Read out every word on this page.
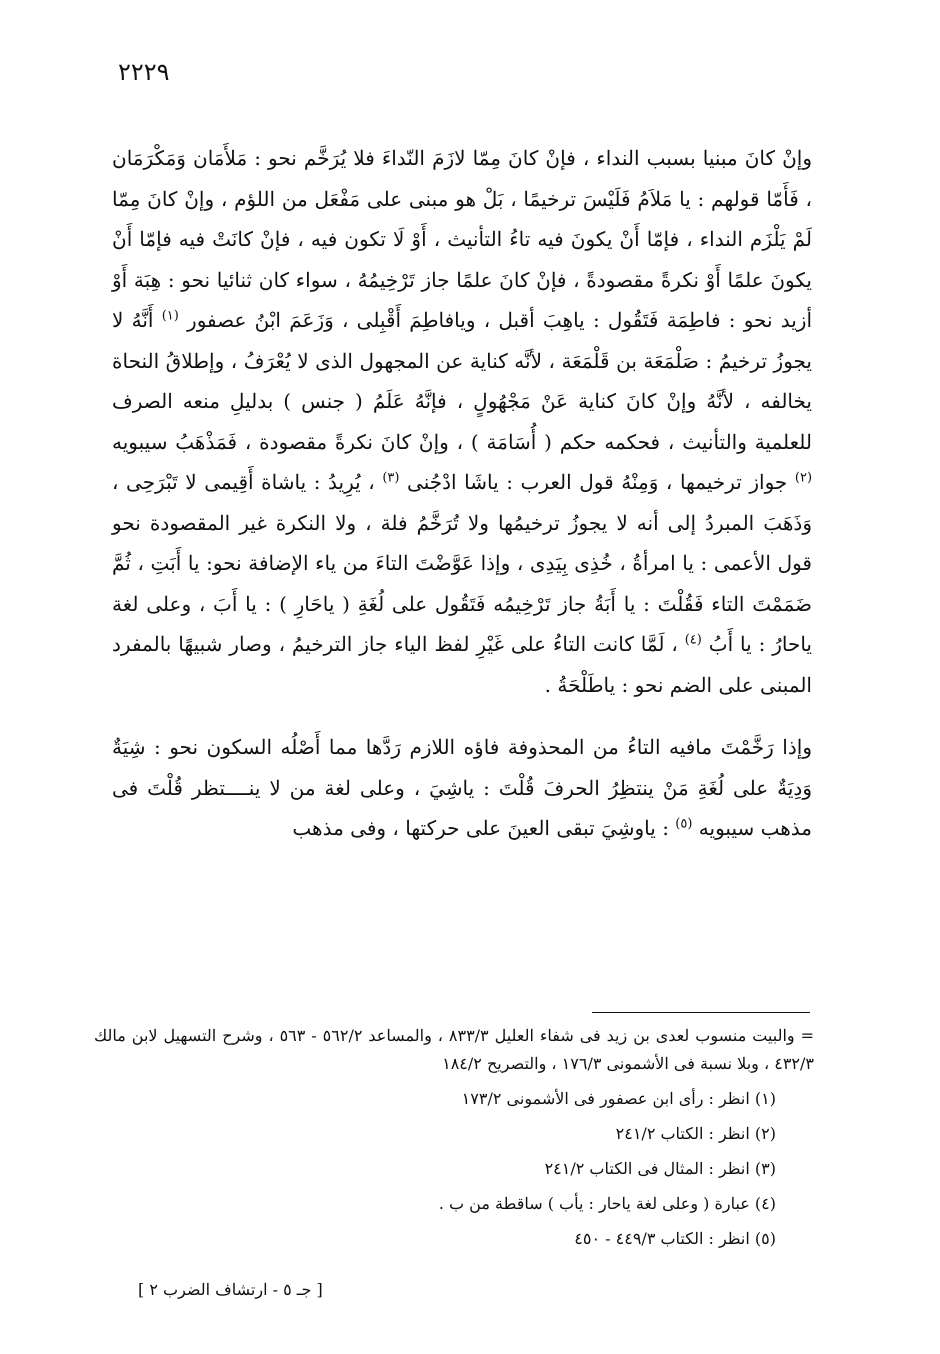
٢٢٢٩

وإنْ كانَ مبنيا بسبب النداء ، فإنْ كانَ مِمّا لازَمَ النّداءَ فلا يُرَخَّم نحو : مَلأَمَان وَمَكْرَمَان ، فَأَمّا قولهم : يا مَلاَمُ فَلَيْسَ ترخيمًا ، بَلْ هو مبنى على مَفْعَل من اللؤم ، وإنْ كانَ مِمّا لَمْ يَلْزَم النداء ، فإمّا أَنْ يكونَ فيه تاءُ التأنيث ، أَوْ لَا تكون فيه ، فإنْ كانَتْ فيه فإمّا أَنْ يكونَ علمًا أَوْ نكرةً مقصودةً ، فإنْ كانَ علمًا جاز تَرْخِيمُهُ ، سواء كان ثنائيا نحو : هِبَة أَوْ أزيد نحو : فاطِمَة فَتَقُول : ياهِبَ أقبل ، ويافاطِمَ أَقْبِلى ، وَزَعَمَ ابْنُ عصفور $^{(١)}$ أَنَّهُ لا يجوزُ ترخيمُ : صَلْمَعَة بن قَلْمَعَة ، لأنَّه كناية عن المجهول الذى لا يُعْرَفُ ، وإطلاقُ النحاة يخالفه ، لأنَّهُ وإنْ كانَ كناية عَنْ مَجْهُولٍ ، فإنَّهُ عَلَمُ ( جنس ) بدليلِ منعه الصرف للعلمية والتأنيث ، فحكمه حكم ( أُسَامَة ) ، وإنْ كانَ نكرةً مقصودة ، فَمَذْهَبُ سيبويه $^{(٢)}$ جواز ترخيمها ، وَمِنْهُ قول العرب : ياشَا ادْجُنى $^{(٣)}$ ، يُرِيدُ : ياشاة أَقِيمى لا تَبْرَحِى ، وَذَهَبَ المبردُ إلى أنه لا يجوزُ ترخيمُها ولا تُرَخَّمُ فلة ، ولا النكرة غير المقصودة نحو قول الأعمى : يا امرأةُ ، خُذِى بِيَدِى ، وإذا عَوَّضْتَ التاءَ من ياء الإضافة نحو: يا أَبَتِ ، ثُمَّ ضَمَمْتَ التاء فَقُلْتَ : يا أَبَةُ جاز تَرْخِيمُه فَتَقُول على لُغَةِ ( ياحَارِ ) : يا أَبَ ، وعلى لغة ياحارُ : يا أَبُ $^{(٤)}$ ، لَمَّا كانت التاءُ على غَيْرِ لفظ الياء جاز الترخيمُ ، وصار شبيهًا بالمفرد المبنى على الضم نحو : ياطَلْحَةُ .

وإذا رَخَّمْتَ مافيه التاءُ من المحذوفة فاؤه اللازم رَدَّها مما أَصْلُه السكون نحو : شِيَةٌ وَدِيَةٌ على لُغَةِ مَنْ ينتظِرُ الحرفَ قُلْتَ : ياشِيَ ، وعلى لغة من لا ينــــتظر قُلْتَ فى مذهب سيبويه $^{(٥)}$ : ياوشِيَ تبقى العينَ على حركتها ، وفى مذهب

= والبيت منسوب لعدى بن زيد فى شفاء العليل ٨٣٣/٣ ، والمساعد ٥٦٢/٢ - ٥٦٣ ، وشرح التسهيل لابن مالك ٤٣٢/٣ ، وبلا نسبة فى الأشمونى ١٧٦/٣ ، والتصريح ١٨٤/٢
(١) انظر : رأى ابن عصفور فى الأشمونى ١٧٣/٢
(٢) انظر : الكتاب ٢٤١/٢
(٣) انظر : المثال فى الكتاب ٢٤١/٢
(٤) عبارة ( وعلى لغة ياحار : يأب ) ساقطة من ب .
(٥) انظر : الكتاب ٤٤٩/٣ - ٤٥٠
[ جـ ٥ - ارتشاف الضرب ٢ ]
